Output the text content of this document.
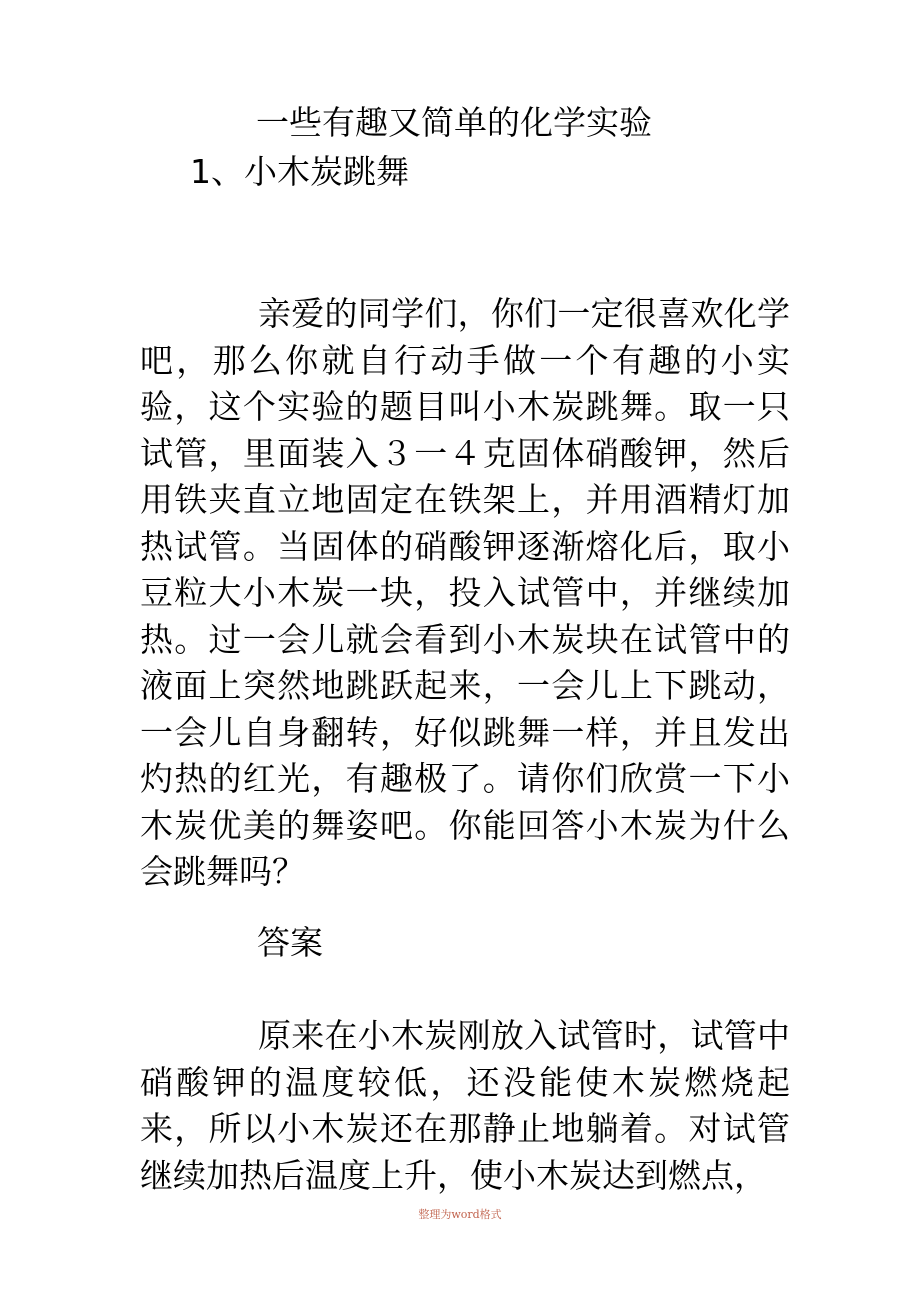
一些有趣又简单的化学实验
1、小木炭跳舞
亲爱的同学们，你们一定很喜欢化学吧，那么你就自行动手做一个有趣的小实验，这个实验的题目叫小木炭跳舞。取一只试管，里面装入３一４克固体硝酸钾，然后用铁夹直立地固定在铁架上，并用酒精灯加热试管。当固体的硝酸钾逐渐熔化后，取小豆粒大小木炭一块，投入试管中，并继续加热。过一会儿就会看到小木炭块在试管中的液面上突然地跳跃起来，一会儿上下跳动，一会儿自身翻转，好似跳舞一样，并且发出灼热的红光，有趣极了。请你们欣赏一下小木炭优美的舞姿吧。你能回答小木炭为什么会跳舞吗？
答案
原来在小木炭刚放入试管时，试管中硝酸钾的温度较低，还没能使木炭燃烧起来，所以小木炭还在那静止地躺着。对试管继续加热后温度上升，使小木炭达到燃点，
整理为word格式
